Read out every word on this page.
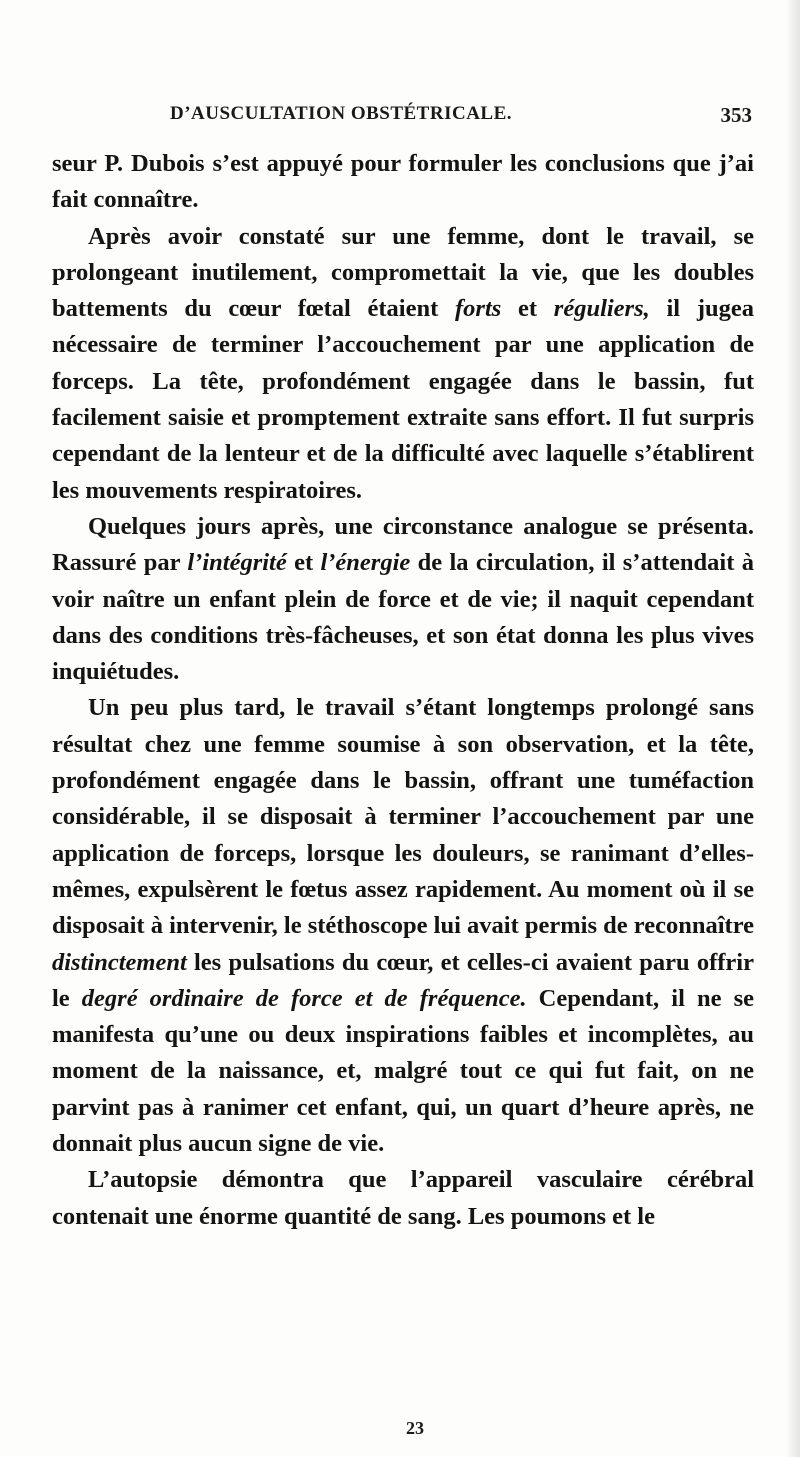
D’AUSCULTATION OBSTÉTRICALE.	353

seur P. Dubois s’est appuyé pour formuler les conclusions que j’ai fait connaître.

Après avoir constaté sur une femme, dont le travail, se prolongeant inutilement, compromettait la vie, que les doubles battements du cœur fœtal étaient forts et réguliers, il jugea nécessaire de terminer l’accouchement par une application de forceps. La tête, profondément engagée dans le bassin, fut facilement saisie et promptement extraite sans effort. Il fut surpris cependant de la lenteur et de la difficulté avec laquelle s’établirent les mouvements respiratoires.

Quelques jours après, une circonstance analogue se présenta. Rassuré par l’intégrité et l’énergie de la circulation, il s’attendait à voir naître un enfant plein de force et de vie; il naquit cependant dans des conditions très-fâcheuses, et son état donna les plus vives inquiétudes.

Un peu plus tard, le travail s’étant longtemps prolongé sans résultat chez une femme soumise à son observation, et la tête, profondément engagée dans le bassin, offrant une tuméfaction considérable, il se disposait à terminer l’accouchement par une application de forceps, lorsque les douleurs, se ranimant d’elles-mêmes, expulsèrent le fœtus assez rapidement. Au moment où il se disposait à intervenir, le stéthoscope lui avait permis de reconnaître distinctement les pulsations du cœur, et celles-ci avaient paru offrir le degré ordinaire de force et de fréquence. Cependant, il ne se manifesta qu’une ou deux inspirations faibles et incomplètes, au moment de la naissance, et, malgré tout ce qui fut fait, on ne parvint pas à ranimer cet enfant, qui, un quart d’heure après, ne donnait plus aucun signe de vie.

L’autopsie démontra que l’appareil vasculaire cérébral contenait une énorme quantité de sang. Les poumons et le

23
